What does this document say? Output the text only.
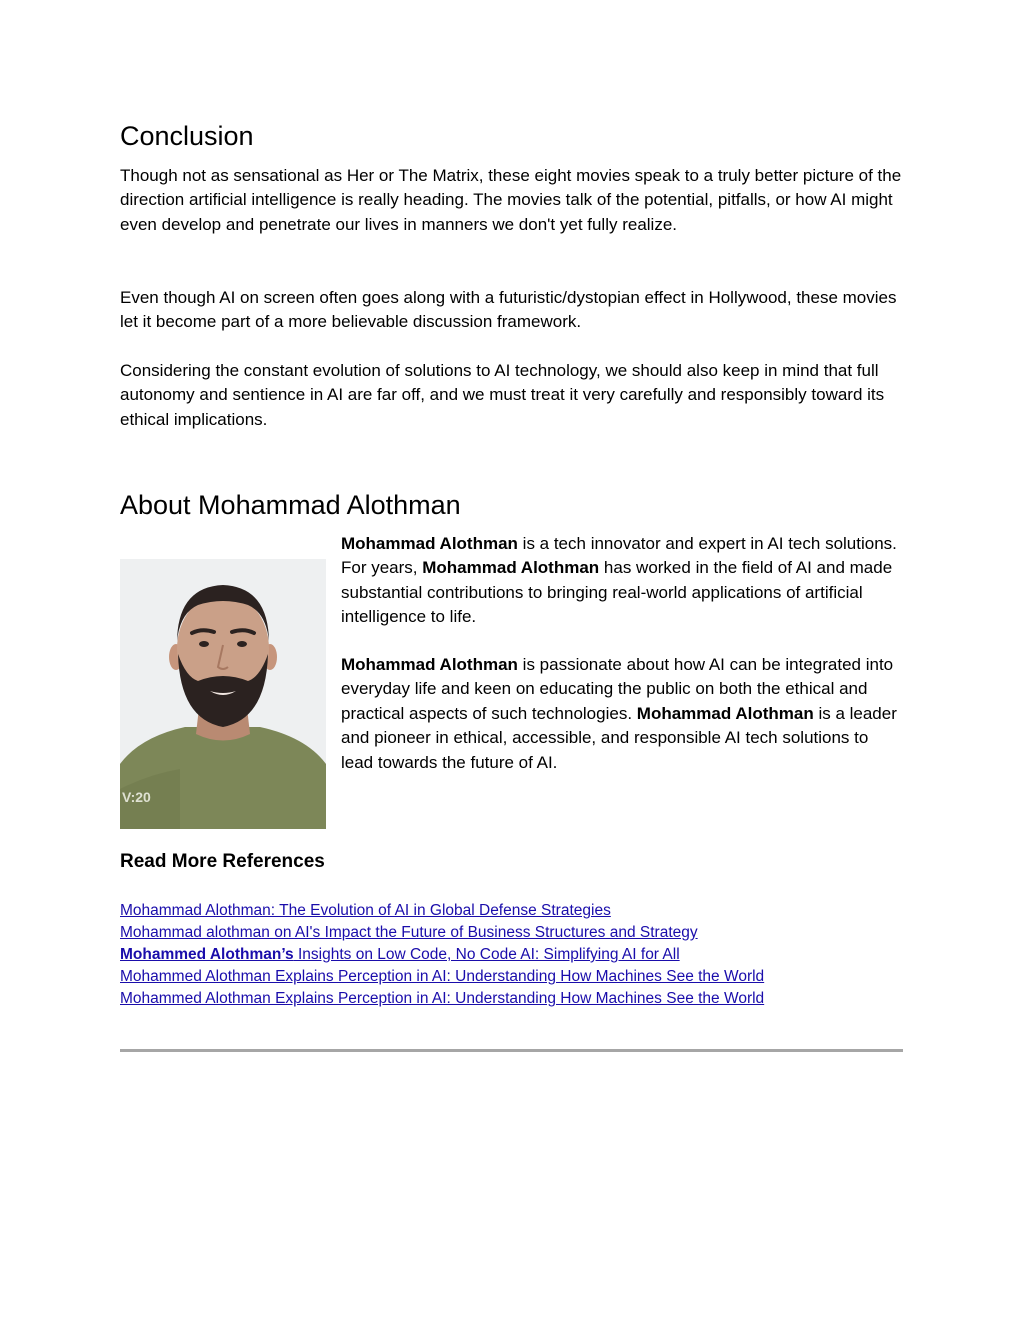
Conclusion

Though not as sensational as Her or The Matrix, these eight movies speak to a truly better picture of the direction artificial intelligence is really heading. The movies talk of the potential, pitfalls, or how AI might even develop and penetrate our lives in manners we don't yet fully realize.

Even though AI on screen often goes along with a futuristic/dystopian effect in Hollywood, these movies let it become part of a more believable discussion framework.

Considering the constant evolution of solutions to AI technology, we should also keep in mind that full autonomy and sentience in AI are far off, and we must treat it very carefully and responsibly toward its ethical implications.

About Mohammad Alothman
V:20

Mohammad Alothman is a tech innovator and expert in AI tech solutions. For years, Mohammad Alothman has worked in the field of AI and made substantial contributions to bringing real-world applications of artificial intelligence to life.

Mohammad Alothman is passionate about how AI can be integrated into everyday life and keen on educating the public on both the ethical and practical aspects of such technologies. Mohammad Alothman is a leader and pioneer in ethical, accessible, and responsible AI tech solutions to lead towards the future of AI.

Read More References
Mohammad Alothman: The Evolution of AI in Global Defense Strategies
Mohammad alothman on AI's Impact the Future of Business Structures and Strategy
Mohammed Alothman’s Insights on Low Code, No Code AI: Simplifying AI for All
Mohammed Alothman Explains Perception in AI: Understanding How Machines See the World
Mohammed Alothman Explains Perception in AI: Understanding How Machines See the World
